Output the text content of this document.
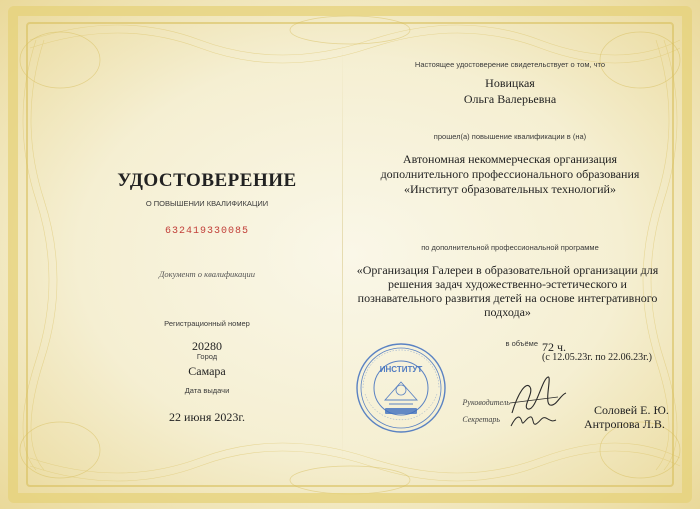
УДОСТОВЕРЕНИЕ
О ПОВЫШЕНИИ КВАЛИФИКАЦИИ
632419330085
Документ о квалификации
Регистрационный номер
20280
Город
Самара
Дата выдачи
22 июня 2023г.
Настоящее удостоверение свидетельствует о том, что
Новицкая
Ольга Валерьевна
прошел(а) повышение квалификации в (на)
Автономная некоммерческая организация дополнительного профессионального образования «Институт образовательных технологий»
по дополнительной профессиональной программе
«Организация Галереи в образовательной организации для решения задач художественно-эстетического и познавательного развития детей на основе интегративного подхода»
в объёме 72 ч.
(с 12.05.23г. по 22.06.23г.)
Руководитель
Секретарь
Соловей Е. Ю.
Антропова Л.В.
ИНСТИТУТ
